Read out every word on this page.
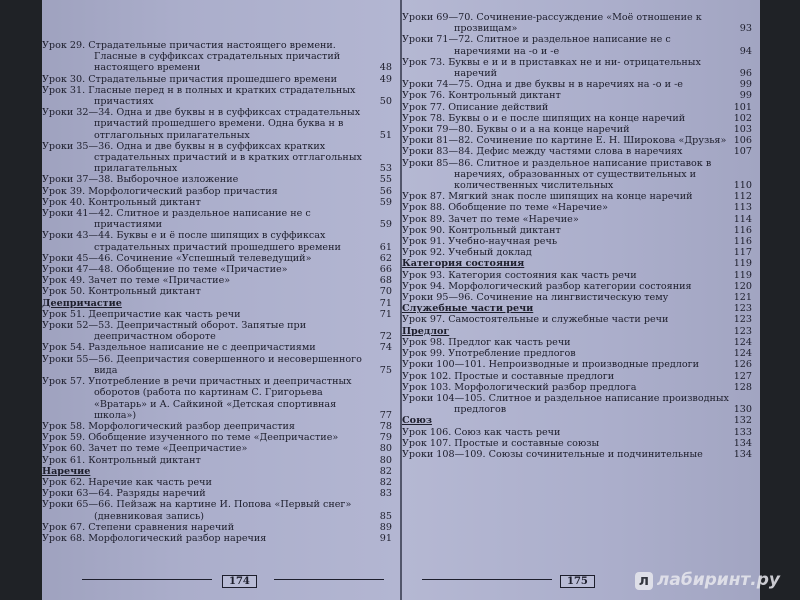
Урок 29. Страдательные причастия настоящего времени. Гласные в суффиксах страдательных причастий настоящего времени	48
Урок 30. Страдательные причастия прошедшего времени	49
Урок 31. Гласные перед н в полных и кратких страдательных причастиях	50
Уроки 32—34. Одна и две буквы н в суффиксах страдательных причастий прошедшего времени. Одна буква н в отглагольных прилагательных	51
Уроки 35—36. Одна и две буквы н в суффиксах кратких страдательных причастий и в кратких отглагольных прилагательных	53
Уроки 37—38. Выборочное изложение	55
Урок 39. Морфологический разбор причастия	56
Урок 40. Контрольный диктант	59
Уроки 41—42. Слитное и раздельное написание не с причастиями	59
Уроки 43—44. Буквы е и ё после шипящих в суффиксах страдательных причастий прошедшего времени	61
Уроки 45—46. Сочинение «Успешный телеведущий»	62
Уроки 47—48. Обобщение по теме «Причастие»	66
Урок 49. Зачет по теме «Причастие»	68
Урок 50. Контрольный диктант	70
Деепричастие	71
Урок 51. Деепричастие как часть речи	71
Уроки 52—53. Деепричастный оборот. Запятые при деепричастном обороте	72
Урок 54. Раздельное написание не с деепричастиями	74
Уроки 55—56. Деепричастия совершенного и несовершенного вида	75
Урок 57. Употребление в речи причастных и деепричастных оборотов (работа по картинам С. Григорьева «Вратарь» и А. Сайкиной «Детская спортивная школа»)	77
Урок 58. Морфологический разбор деепричастия	78
Урок 59. Обобщение изученного по теме «Деепричастие»	79
Урок 60. Зачет по теме «Деепричастие»	80
Урок 61. Контрольный диктант	80
Наречие	82
Урок 62. Наречие как часть речи	82
Уроки 63—64. Разряды наречий	83
Уроки 65—66. Пейзаж на картине И. Попова «Первый снег» (дневниковая запись)	85
Урок 67. Степени сравнения наречий	89
Урок 68. Морфологический разбор наречия	91
174
Уроки 69—70. Сочинение-рассуждение «Моё отношение к прозвищам»	93
Уроки 71—72. Слитное и раздельное написание не с наречиями на -о и -е	94
Урок 73. Буквы е и и в приставках не и ни- отрицательных наречий	96
Уроки 74—75. Одна и две буквы н в наречиях на -о и -е	99
Урок 76. Контрольный диктант	99
Урок 77. Описание действий	101
Урок 78. Буквы о и е после шипящих на конце наречий	102
Уроки 79—80. Буквы о и а на конце наречий	103
Уроки 81—82. Сочинение по картине Е. Н. Широкова «Друзья» 106
Уроки 83—84. Дефис между частями слова в наречиях	107
Уроки 85—86. Слитное и раздельное написание приставок в наречиях, образованных от существительных и количественных числительных	110
Урок 87. Мягкий знак после шипящих на конце наречий	112
Урок 88. Обобщение по теме «Наречие»	113
Урок 89. Зачет по теме «Наречие»	114
Урок 90. Контрольный диктант	116
Урок 91. Учебно-научная речь	116
Урок 92. Учебный доклад	117
Категория состояния	119
Урок 93. Категория состояния как часть речи	119
Урок 94. Морфологический разбор категории состояния	120
Уроки 95—96. Сочинение на лингвистическую тему	121
Служебные части речи	123
Урок 97. Самостоятельные и служебные части речи	123
Предлог	123
Урок 98. Предлог как часть речи	124
Урок 99. Употребление предлогов	124
Уроки 100—101. Непроизводные и производные предлоги	126
Урок 102. Простые и составные предлоги	127
Урок 103. Морфологический разбор предлога	128
Уроки 104—105. Слитное и раздельное написание производных предлогов	130
Союз	132
Урок 106. Союз как часть речи	133
Урок 107. Простые и составные союзы	134
Уроки 108—109. Союзы сочинительные и подчинительные	134
175	л лабиринт.ру
